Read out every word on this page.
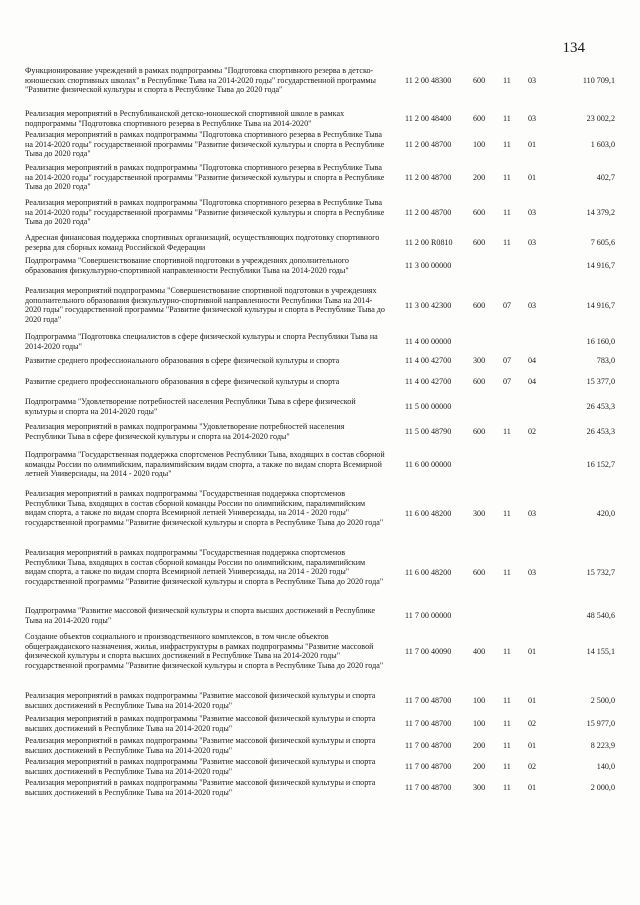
134
Функционирование учреждений в рамках подпрограммы "Подготовка спортивного резерва в детско-юношеских спортивных школах" в Республике Тыва на 2014-2020 годы" государственной программы "Развитие физической культуры и спорта в Республике Тыва до 2020 года"
11 2 00 48300	600 11 03	110 709,1
Реализация мероприятий в Республиканской детско-юношеской спортивной школе в рамках подпрограммы "Подготовка спортивного резерва в Республике Тыва на 2014-2020"
11 2 00 48400	600 11 03	23 002,2
Реализация мероприятий в рамках подпрограммы "Подготовка спортивного резерва в Республике Тыва на 2014-2020 годы" государственной программы "Развитие физической культуры и спорта в Республике Тыва до 2020 года"
11 2 00 48700	100 11 01	1 603,0
Реализация мероприятий в рамках подпрограммы "Подготовка спортивного резерва в Республике Тыва на 2014-2020 годы" государственной программы "Развитие физической культуры и спорта в Республике Тыва до 2020 года"
11 2 00 48700	200 11 01	402,7
Реализация мероприятий в рамках подпрограммы "Подготовка спортивного резерва в Республике Тыва на 2014-2020 годы" государственной программы "Развитие физической культуры и спорта в Республике Тыва до 2020 года"
11 2 00 48700	600 11 03	14 379,2
Адресная финансовая поддержка спортивных организаций, осуществляющих подготовку спортивного резерва для сборных команд Российской Федерации
11 2 00 R0810	600 11 03	7 605,6
Подпрограмма "Совершенствование спортивной подготовки в учреждениях дополнительного образования физкультурно-спортивной направленности Республики Тыва на 2014-2020 годы"
11 3 00 00000	14 916,7
Реализация мероприятий подпрограммы "Совершенствование спортивной подготовки в учреждениях дополнительного образования физкультурно-спортивной направленности Республики Тыва на 2014-2020 годы" государственной программы "Развитие физической культуры и спорта в Республике Тыва до 2020 года"
11 3 00 42300	600 07 03	14 916,7
Подпрограмма "Подготовка специалистов в сфере физической культуры и спорта Республики Тыва на 2014-2020 годы"
11 4 00 00000	16 160,0
Развитие среднего профессионального образования в сфере физической культуры и спорта	11 4 00 42700	300 07 04	783,0
Развитие среднего профессионального образования в сфере физической культуры и спорта	11 4 00 42700	600 07 04	15 377,0
Подпрограмма "Удовлетворение потребностей населения Республики Тыва в сфере физической культуры и спорта на 2014-2020 годы"
11 5 00 00000	26 453,3
Реализация мероприятий в рамках подпрограммы "Удовлетворение потребностей населения Республики Тыва в сфере физической культуры и спорта на 2014-2020 годы"
11 5 00 48790	600 11 02	26 453,3
Подпрограмма "Государственная поддержка спортсменов Республики Тыва, входящих в состав сборной команды России по олимпийским, паралимпийским видам спорта, а также по видам спорта Всемирной летней Универсиады, на 2014 - 2020 годы"
11 6 00 00000	16 152,7
Реализация мероприятий в рамках подпрограммы "Государственная поддержка спортсменов Республики Тыва, входящих в состав сборной команды России по олимпийским, паралимпийским видам спорта, а также по видам спорта Всемирной летней Универсиады, на 2014 - 2020 годы" государственной программы "Развитие физической культуры и спорта в Республике Тыва до 2020 года"
11 6 00 48200	300 11 03	420,0
Реализация мероприятий в рамках подпрограммы "Государственная поддержка спортсменов Республики Тыва, входящих в состав сборной команды России по олимпийским, паралимпийским видам спорта, а также по видам спорта Всемирной летней Универсиады, на 2014 - 2020 годы" государственной программы "Развитие физической культуры и спорта в Республике Тыва до 2020 года"
11 6 00 48200	600 11 03	15 732,7
Подпрограмма "Развитие массовой физической культуры и спорта высших достижений в Республике Тыва на 2014-2020 годы"
11 7 00 00000	48 540,6
Создание объектов социального и производственного комплексов, в том числе объектов общегражданского назначения, жилья, инфраструктуры в рамках подпрограммы "Развитие массовой физической культуры и спорта высших достижений в Республике Тыва на 2014-2020 годы" государственной программы "Развитие физической культуры и спорта в Республике Тыва до 2020 года"
11 7 00 40090	400 11 01	14 155,1
Реализация мероприятий в рамках подпрограммы "Развитие массовой физической культуры и спорта высших достижений в Республике Тыва на 2014-2020 годы"
11 7 00 48700	100 11 01	2 500,0
Реализация мероприятий в рамках подпрограммы "Развитие массовой физической культуры и спорта высших достижений в Республике Тыва на 2014-2020 годы"
11 7 00 48700	100 11 02	15 977,0
Реализация мероприятий в рамках подпрограммы "Развитие массовой физической культуры и спорта высших достижений в Республике Тыва на 2014-2020 годы"
11 7 00 48700	200 11 01	8 223,9
Реализация мероприятий в рамках подпрограммы "Развитие массовой физической культуры и спорта высших достижений в Республике Тыва на 2014-2020 годы"
11 7 00 48700	200 11 02	140,0
Реализация мероприятий в рамках подпрограммы "Развитие массовой физической культуры и спорта высших достижений в Республике Тыва на 2014-2020 годы"
11 7 00 48700	300 11 01	2 000,0
